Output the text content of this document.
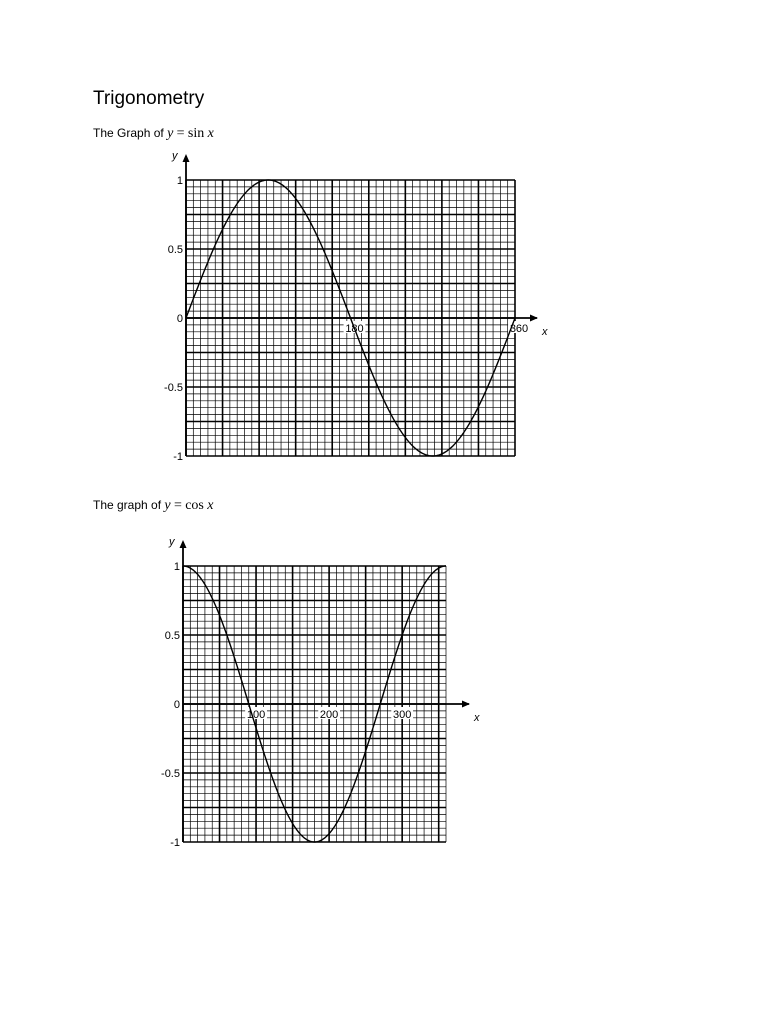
Trigonometry
The Graph of y = sin x
The graph of y = cos x
y
x
1
0.5
0
-0.5
-1
180	360
y
x
1
0.5
0
-0.5
-1
100	200	300
